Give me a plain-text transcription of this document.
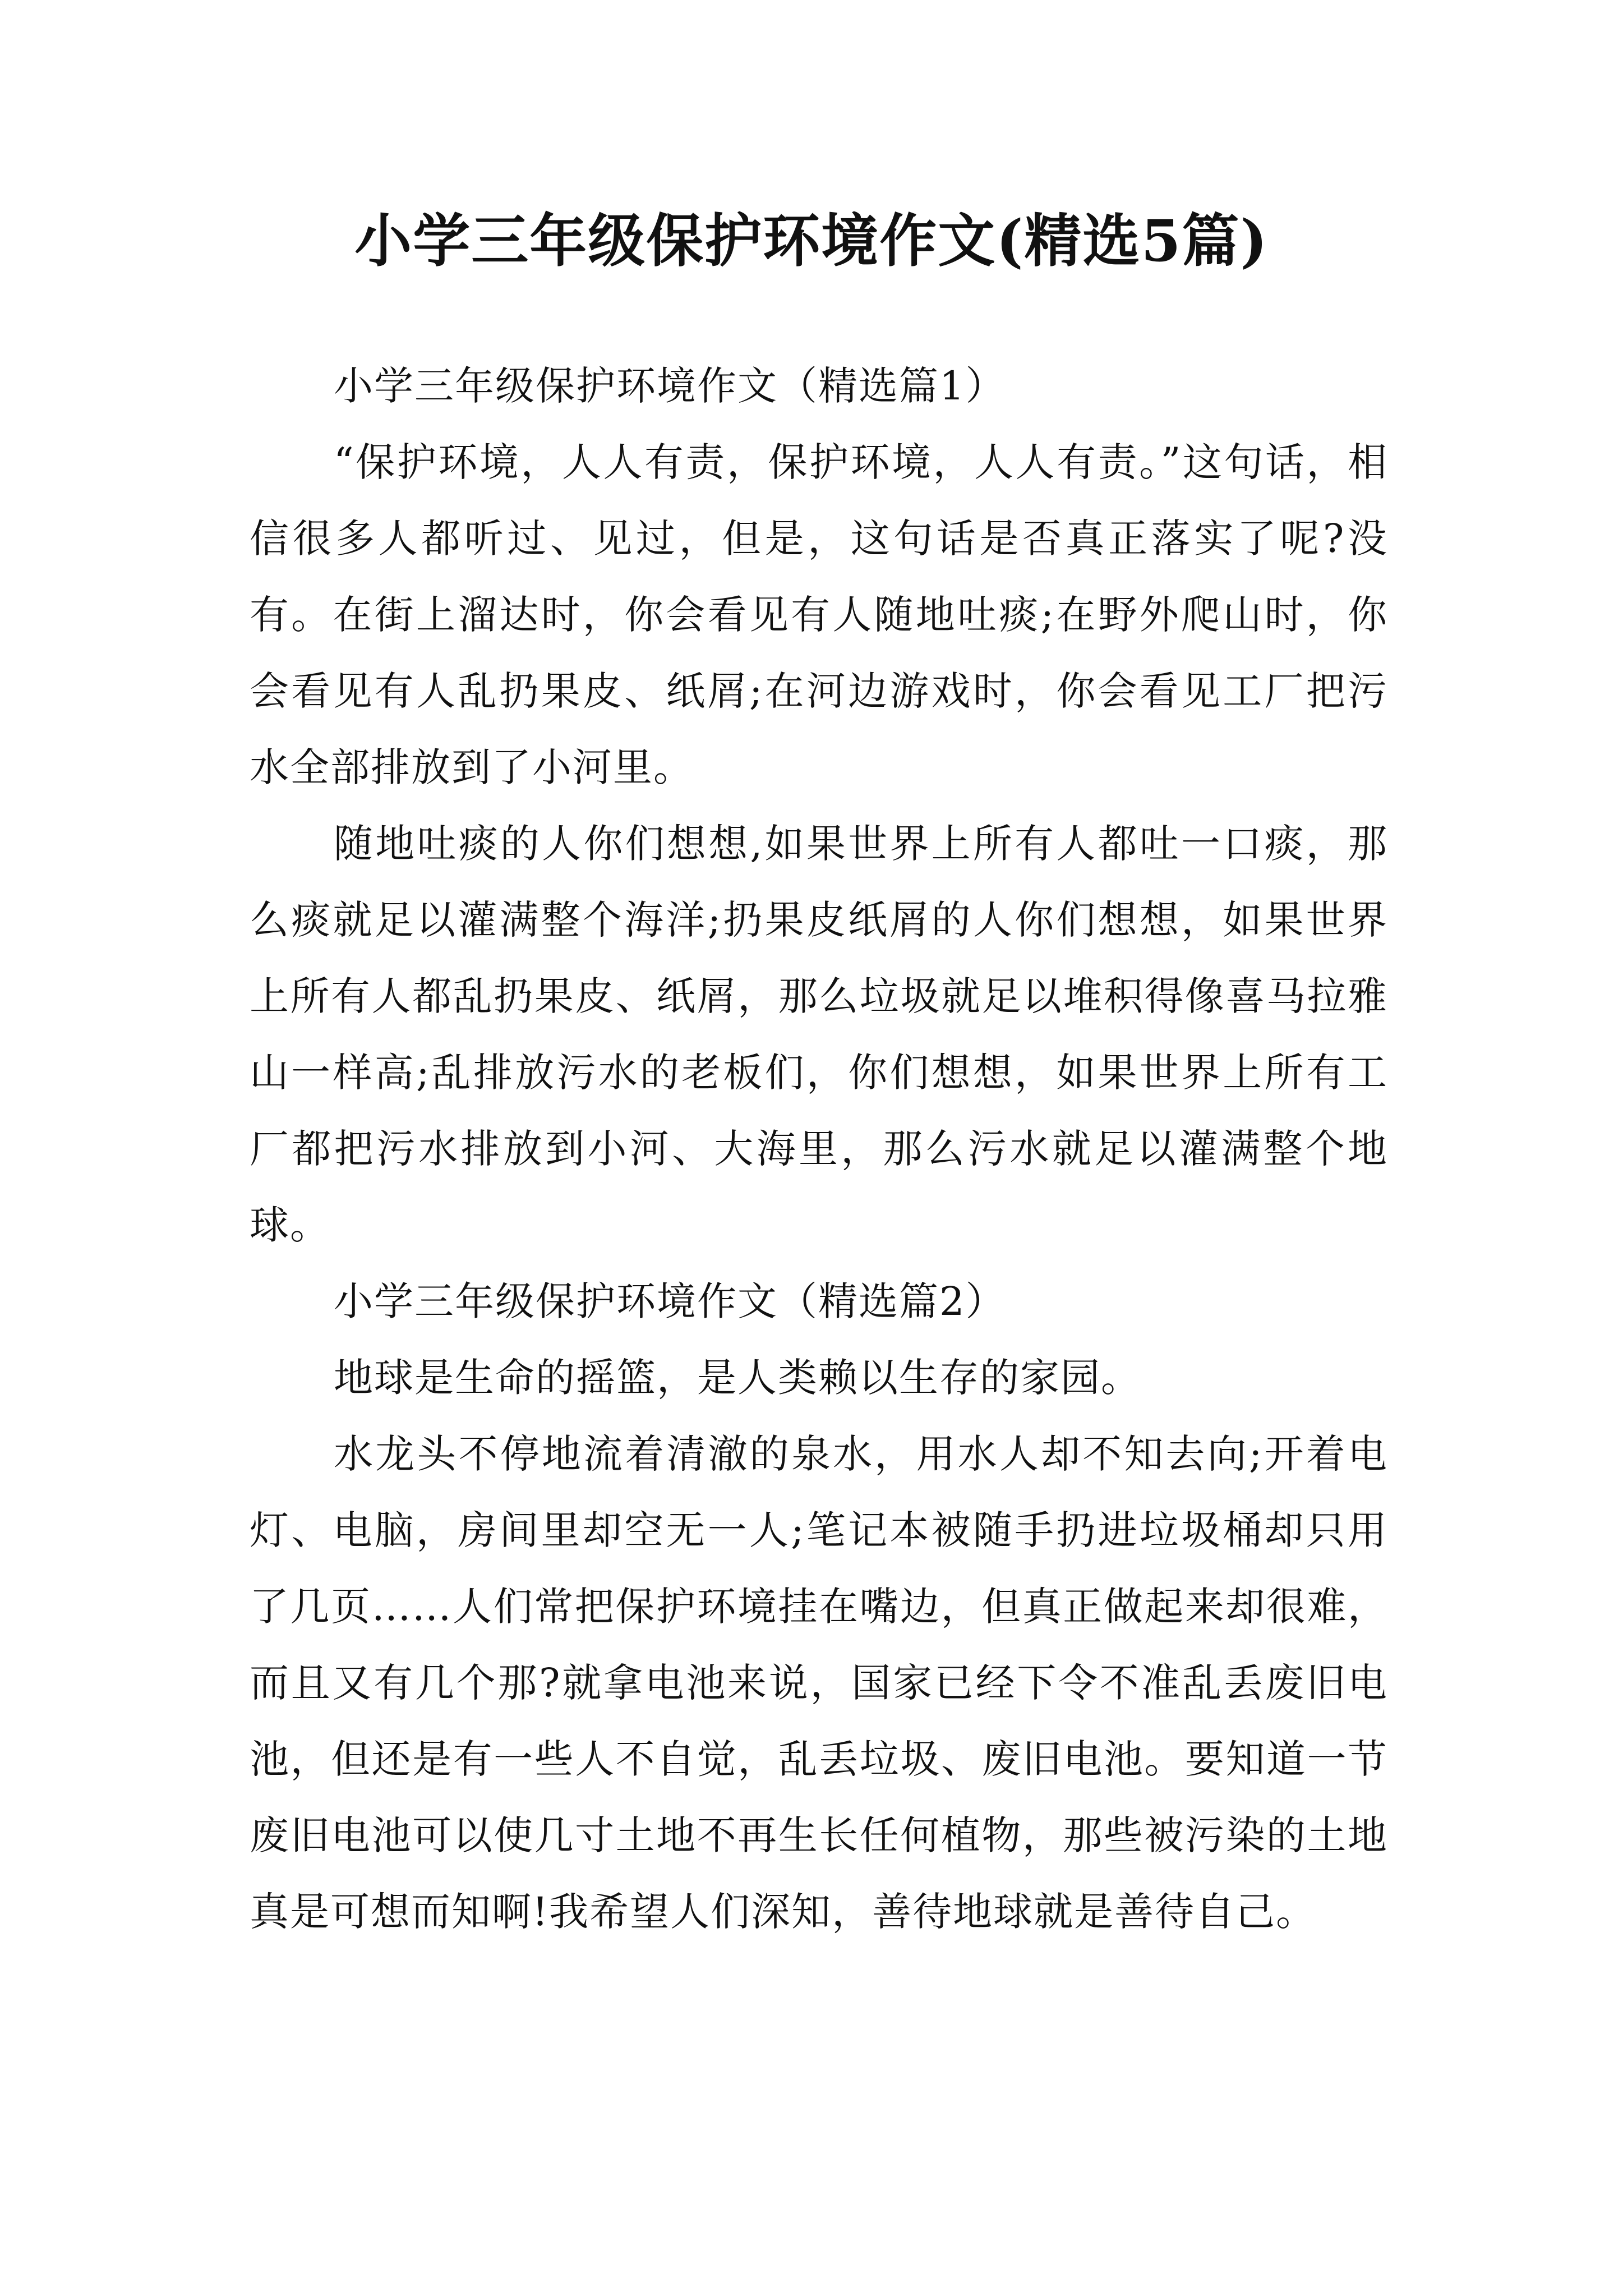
小学三年级保护环境作文(精选5篇)

小学三年级保护环境作文（精选篇1）

“保护环境，人人有责，保护环境，人人有责。”这句话，相信很多人都听过、见过，但是，这句话是否真正落实了呢?没有。在街上溜达时，你会看见有人随地吐痰;在野外爬山时，你会看见有人乱扔果皮、纸屑;在河边游戏时，你会看见工厂把污水全部排放到了小河里。

随地吐痰的人你们想想,如果世界上所有人都吐一口痰，那么痰就足以灌满整个海洋;扔果皮纸屑的人你们想想，如果世界上所有人都乱扔果皮、纸屑，那么垃圾就足以堆积得像喜马拉雅山一样高;乱排放污水的老板们，你们想想，如果世界上所有工厂都把污水排放到小河、大海里，那么污水就足以灌满整个地球。

小学三年级保护环境作文（精选篇2）

地球是生命的摇篮，是人类赖以生存的家园。

水龙头不停地流着清澈的泉水，用水人却不知去向;开着电灯、电脑，房间里却空无一人;笔记本被随手扔进垃圾桶却只用了几页……人们常把保护环境挂在嘴边，但真正做起来却很难，而且又有几个那?就拿电池来说，国家已经下令不准乱丢废旧电池，但还是有一些人不自觉，乱丢垃圾、废旧电池。要知道一节废旧电池可以使几寸土地不再生长任何植物，那些被污染的土地真是可想而知啊!我希望人们深知，善待地球就是善待自己。
